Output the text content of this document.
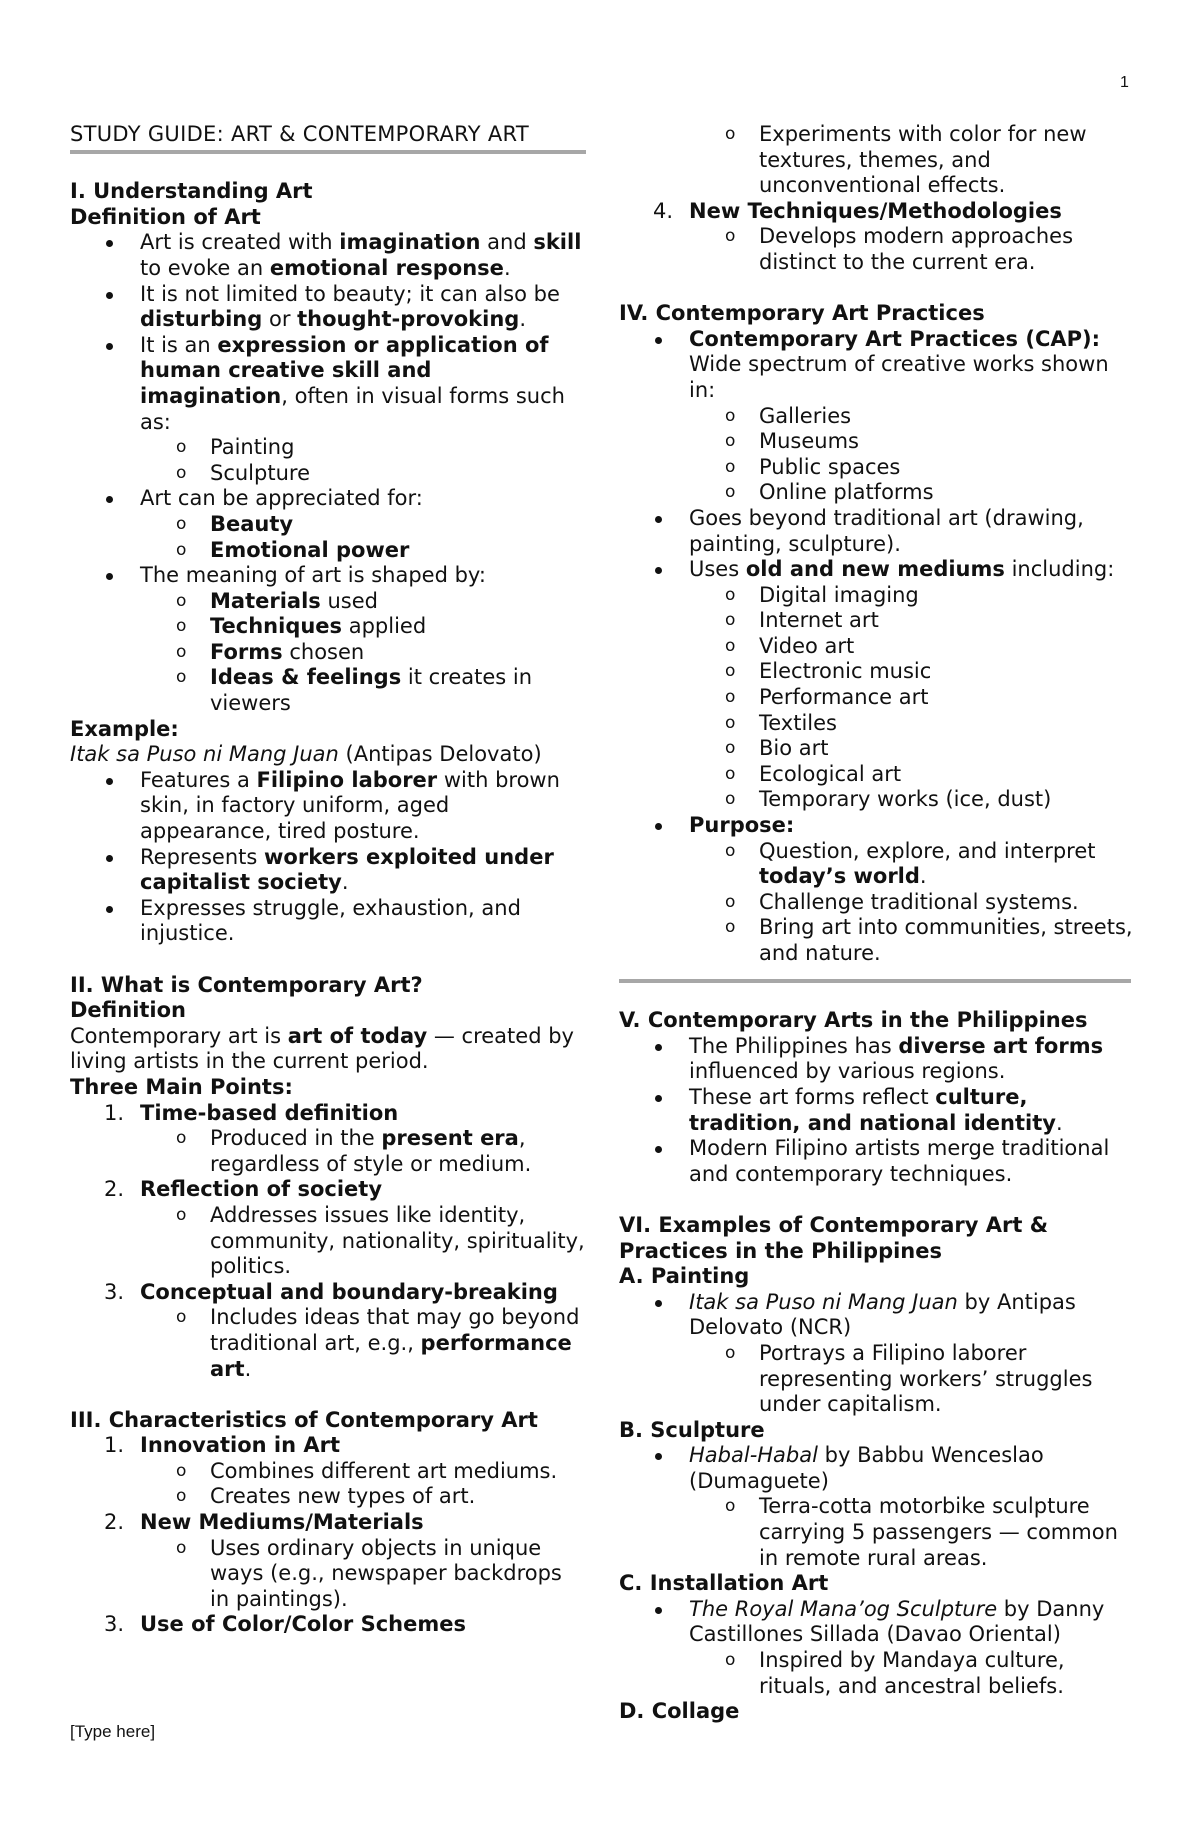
1

STUDY GUIDE: ART & CONTEMPORARY ART

I. Understanding Art

Definition of Art

Art is created with imagination and skill to evoke an emotional response.
It is not limited to beauty; it can also be disturbing or thought-provoking.
It is an expression or application of human creative skill and imagination, often in visual forms such as:
o Painting
o Sculpture
Art can be appreciated for:
o Beauty
o Emotional power
The meaning of art is shaped by:
o Materials used
o Techniques applied
o Forms chosen
o Ideas & feelings it creates in viewers

Example:

Itak sa Puso ni Mang Juan (Antipas Delovato)

Features a Filipino laborer with brown skin, in factory uniform, aged appearance, tired posture.
Represents workers exploited under capitalist society.
Expresses struggle, exhaustion, and injustice.

II. What is Contemporary Art?

Definition

Contemporary art is art of today — created by living artists in the current period.

Three Main Points:

1. Time-based definition
o Produced in the present era, regardless of style or medium.
2. Reflection of society
o Addresses issues like identity, community, nationality, spirituality, politics.
3. Conceptual and boundary-breaking
o Includes ideas that may go beyond traditional art, e.g., performance art.

III. Characteristics of Contemporary Art

1. Innovation in Art
o Combines different art mediums.
o Creates new types of art.
2. New Mediums/Materials
o Uses ordinary objects in unique ways (e.g., newspaper backdrops in paintings).
3. Use of Color/Color Schemes
o Experiments with color for new textures, themes, and unconventional effects.
4. New Techniques/Methodologies
o Develops modern approaches distinct to the current era.

IV. Contemporary Art Practices

Contemporary Art Practices (CAP):
Wide spectrum of creative works shown in:
o Galleries
o Museums
o Public spaces
o Online platforms
Goes beyond traditional art (drawing, painting, sculpture).
Uses old and new mediums including:
o Digital imaging
o Internet art
o Video art
o Electronic music
o Performance art
o Textiles
o Bio art
o Ecological art
o Temporary works (ice, dust)
Purpose:
o Question, explore, and interpret today’s world.
o Challenge traditional systems.
o Bring art into communities, streets, and nature.

V. Contemporary Arts in the Philippines

The Philippines has diverse art forms influenced by various regions.
These art forms reflect culture, tradition, and national identity.
Modern Filipino artists merge traditional and contemporary techniques.

VI. Examples of Contemporary Art & Practices in the Philippines

A. Painting

Itak sa Puso ni Mang Juan by Antipas Delovato (NCR)
o Portrays a Filipino laborer representing workers’ struggles under capitalism.

B. Sculpture

Habal-Habal by Babbu Wenceslao (Dumaguete)
o Terra-cotta motorbike sculpture carrying 5 passengers — common in remote rural areas.

C. Installation Art

The Royal Mana’og Sculpture by Danny Castillones Sillada (Davao Oriental)
o Inspired by Mandaya culture, rituals, and ancestral beliefs.

D. Collage

[Type here]
